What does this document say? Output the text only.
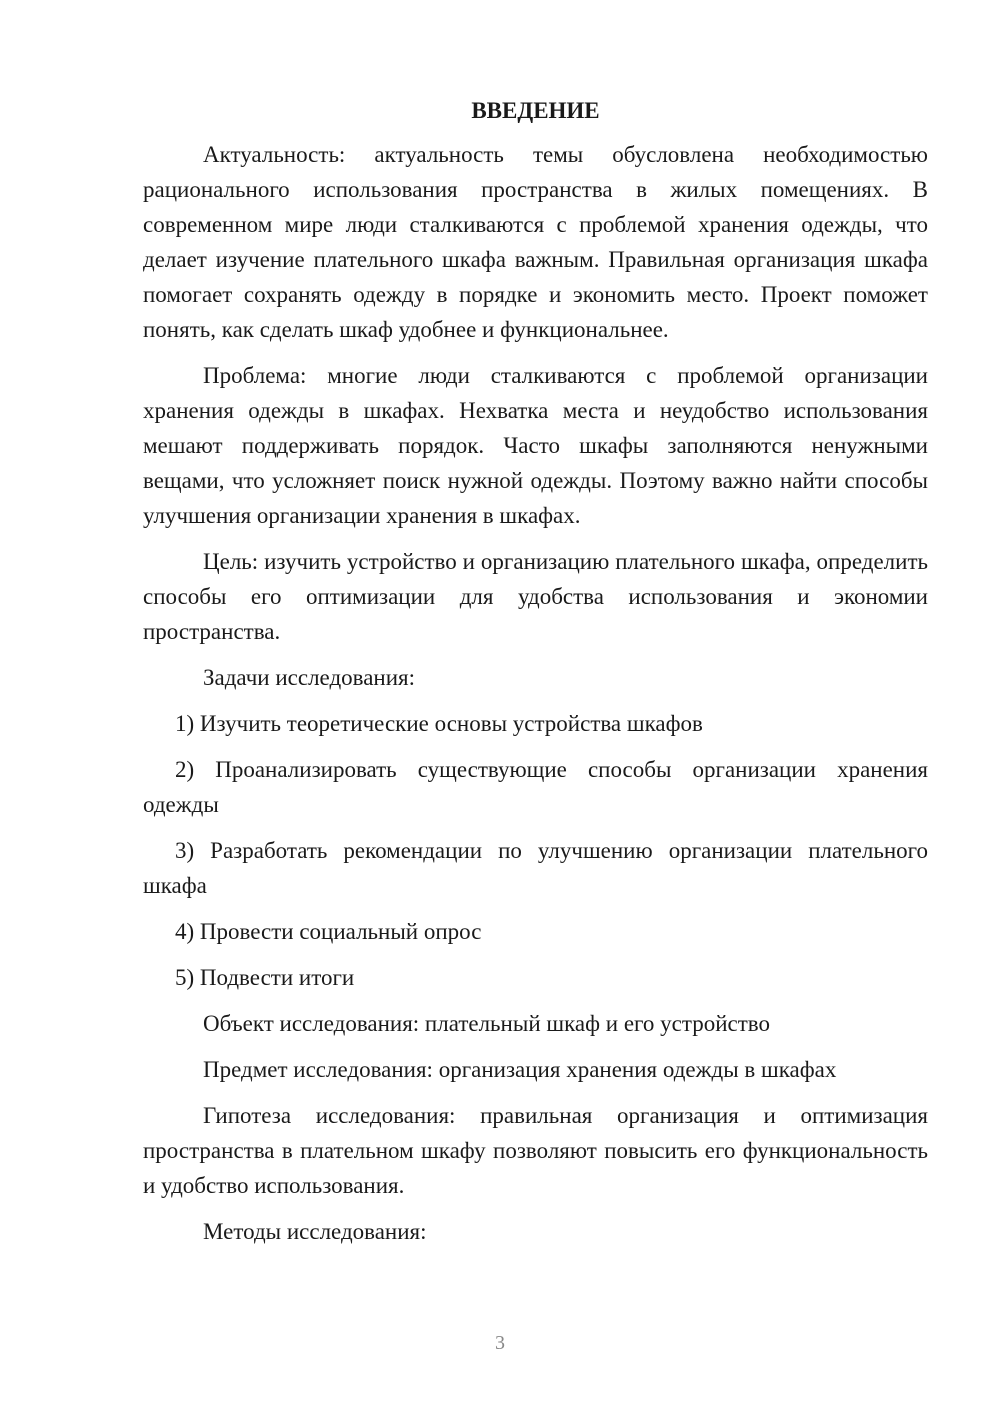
ВВЕДЕНИЕ

Актуальность: актуальность темы обусловлена необходимостью рационального использования пространства в жилых помещениях. В современном мире люди сталкиваются с проблемой хранения одежды, что делает изучение плательного шкафа важным. Правильная организация шкафа помогает сохранять одежду в порядке и экономить место. Проект поможет понять, как сделать шкаф удобнее и функциональнее.

Проблема: многие люди сталкиваются с проблемой организации хранения одежды в шкафах. Нехватка места и неудобство использования мешают поддерживать порядок. Часто шкафы заполняются ненужными вещами, что усложняет поиск нужной одежды. Поэтому важно найти способы улучшения организации хранения в шкафах.

Цель: изучить устройство и организацию плательного шкафа, определить способы его оптимизации для удобства использования и экономии пространства.

Задачи исследования:

1) Изучить теоретические основы устройства шкафов

2) Проанализировать существующие способы организации хранения одежды

3) Разработать рекомендации по улучшению организации плательного шкафа

4) Провести социальный опрос

5) Подвести итоги

Объект исследования: плательный шкаф и его устройство

Предмет исследования: организация хранения одежды в шкафах

Гипотеза исследования: правильная организация и оптимизация пространства в плательном шкафу позволяют повысить его функциональность и удобство использования.

Методы исследования:

3
